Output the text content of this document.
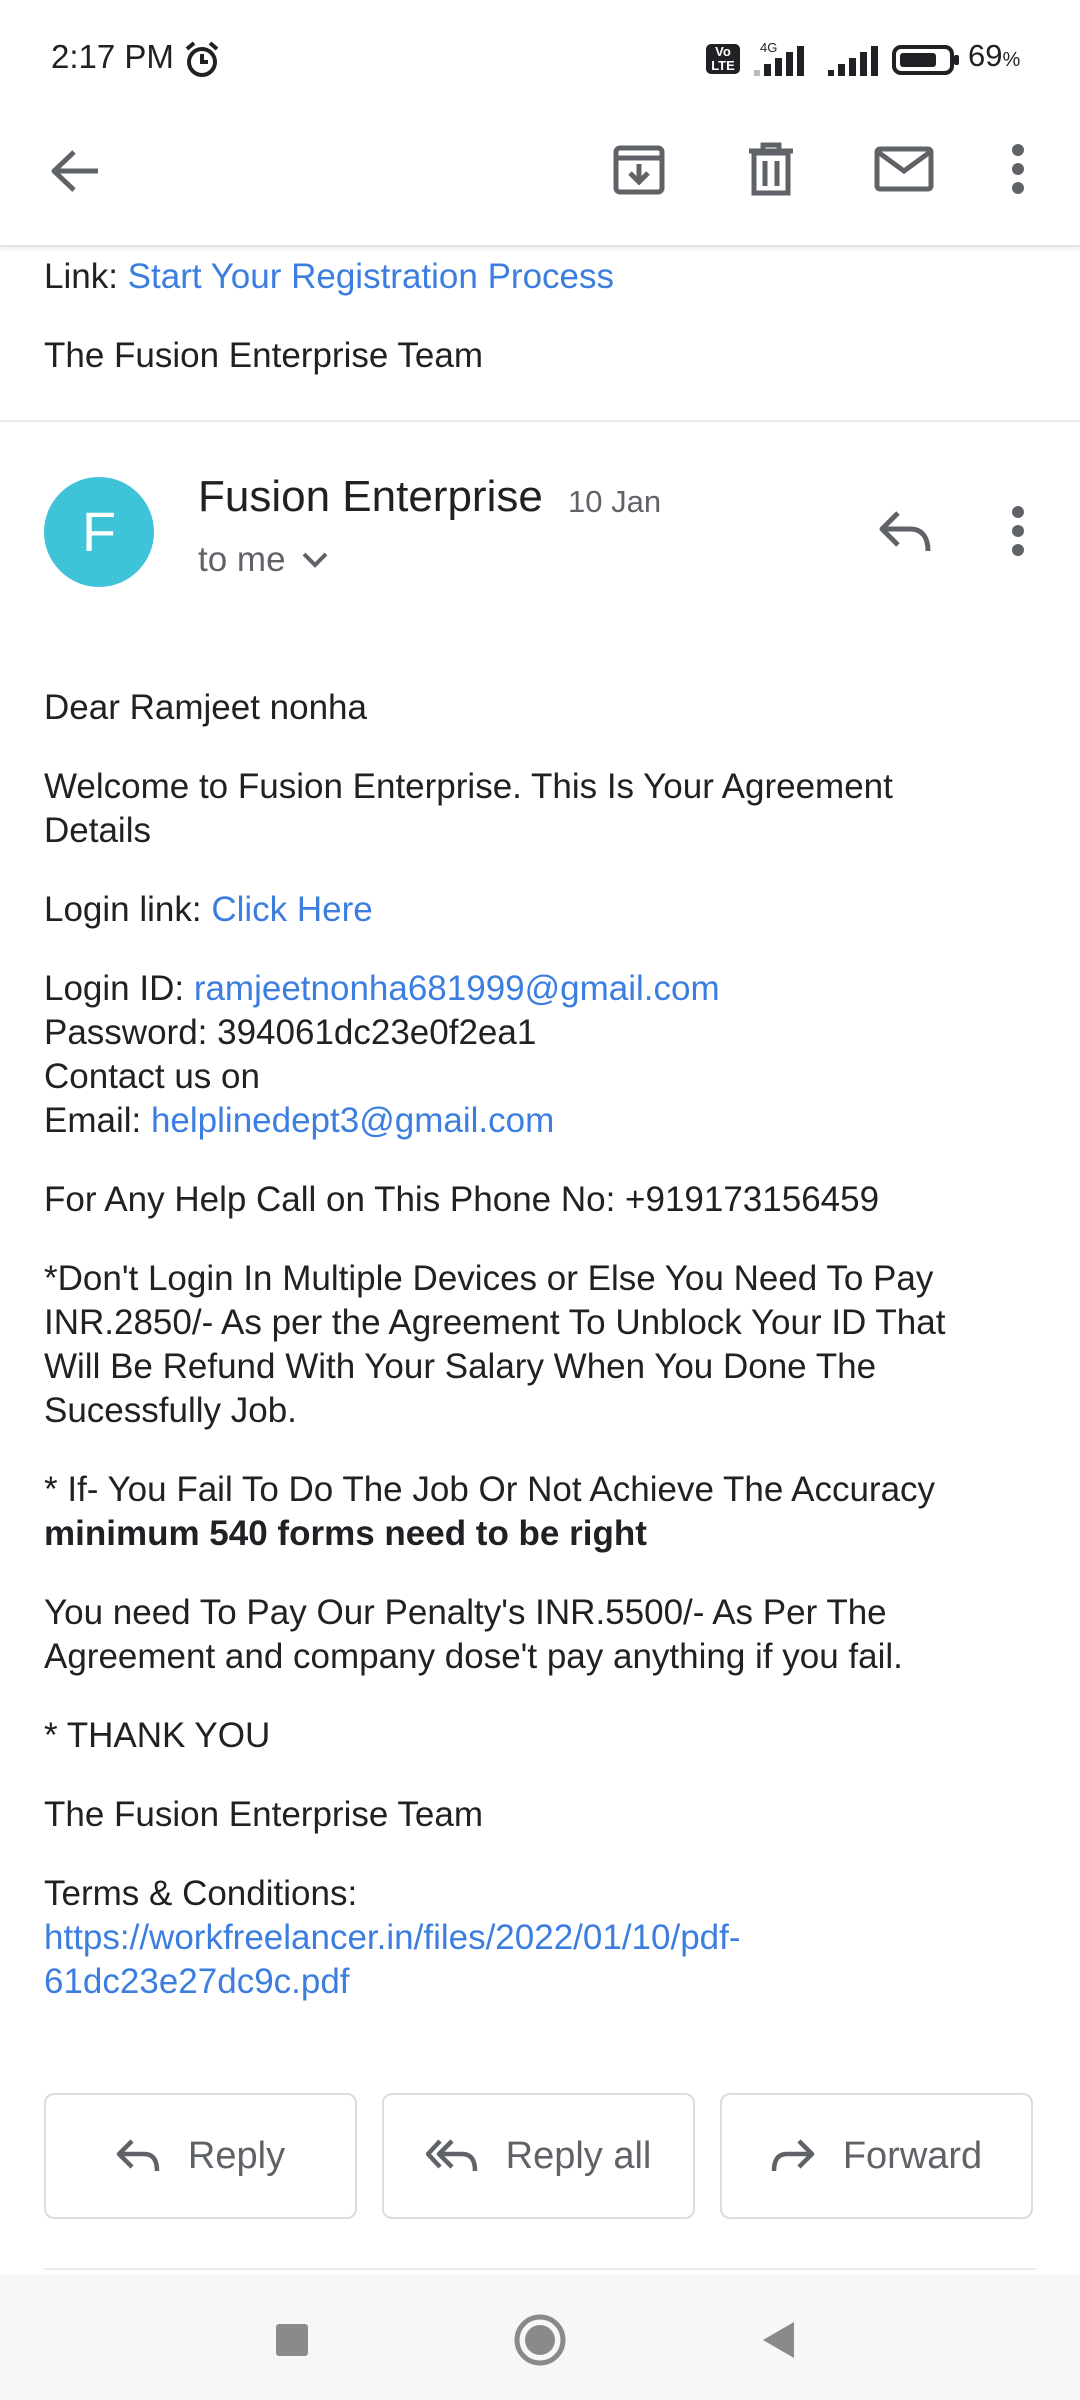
2:17 PM	Vo
LTE
4G	69%
Link: Start Your Registration Process
The Fusion Enterprise Team
F
Fusion Enterprise 10 Jan
to me
Dear Ramjeet nonha
Welcome to Fusion Enterprise. This Is Your Agreement
Details
Login link: Click Here
Login ID: ramjeetnonha681999@gmail.com
Password: 394061dc23e0f2ea1
Contact us on
Email: helplinedept3@gmail.com
For Any Help Call on This Phone No: +919173156459
*Don't Login In Multiple Devices or Else You Need To Pay
INR.2850/- As per the Agreement To Unblock Your ID That
Will Be Refund With Your Salary When You Done The
Sucessfully Job.
* If- You Fail To Do The Job Or Not Achieve The Accuracy
minimum 540 forms need to be right
You need To Pay Our Penalty's INR.5500/- As Per The
Agreement and company dose't pay anything if you fail.
* THANK YOU
The Fusion Enterprise Team
Terms & Conditions:
https://workfreelancer.in/files/2022/01/10/pdf-
61dc23e27dc9c.pdf
Reply	Reply all	Forward
